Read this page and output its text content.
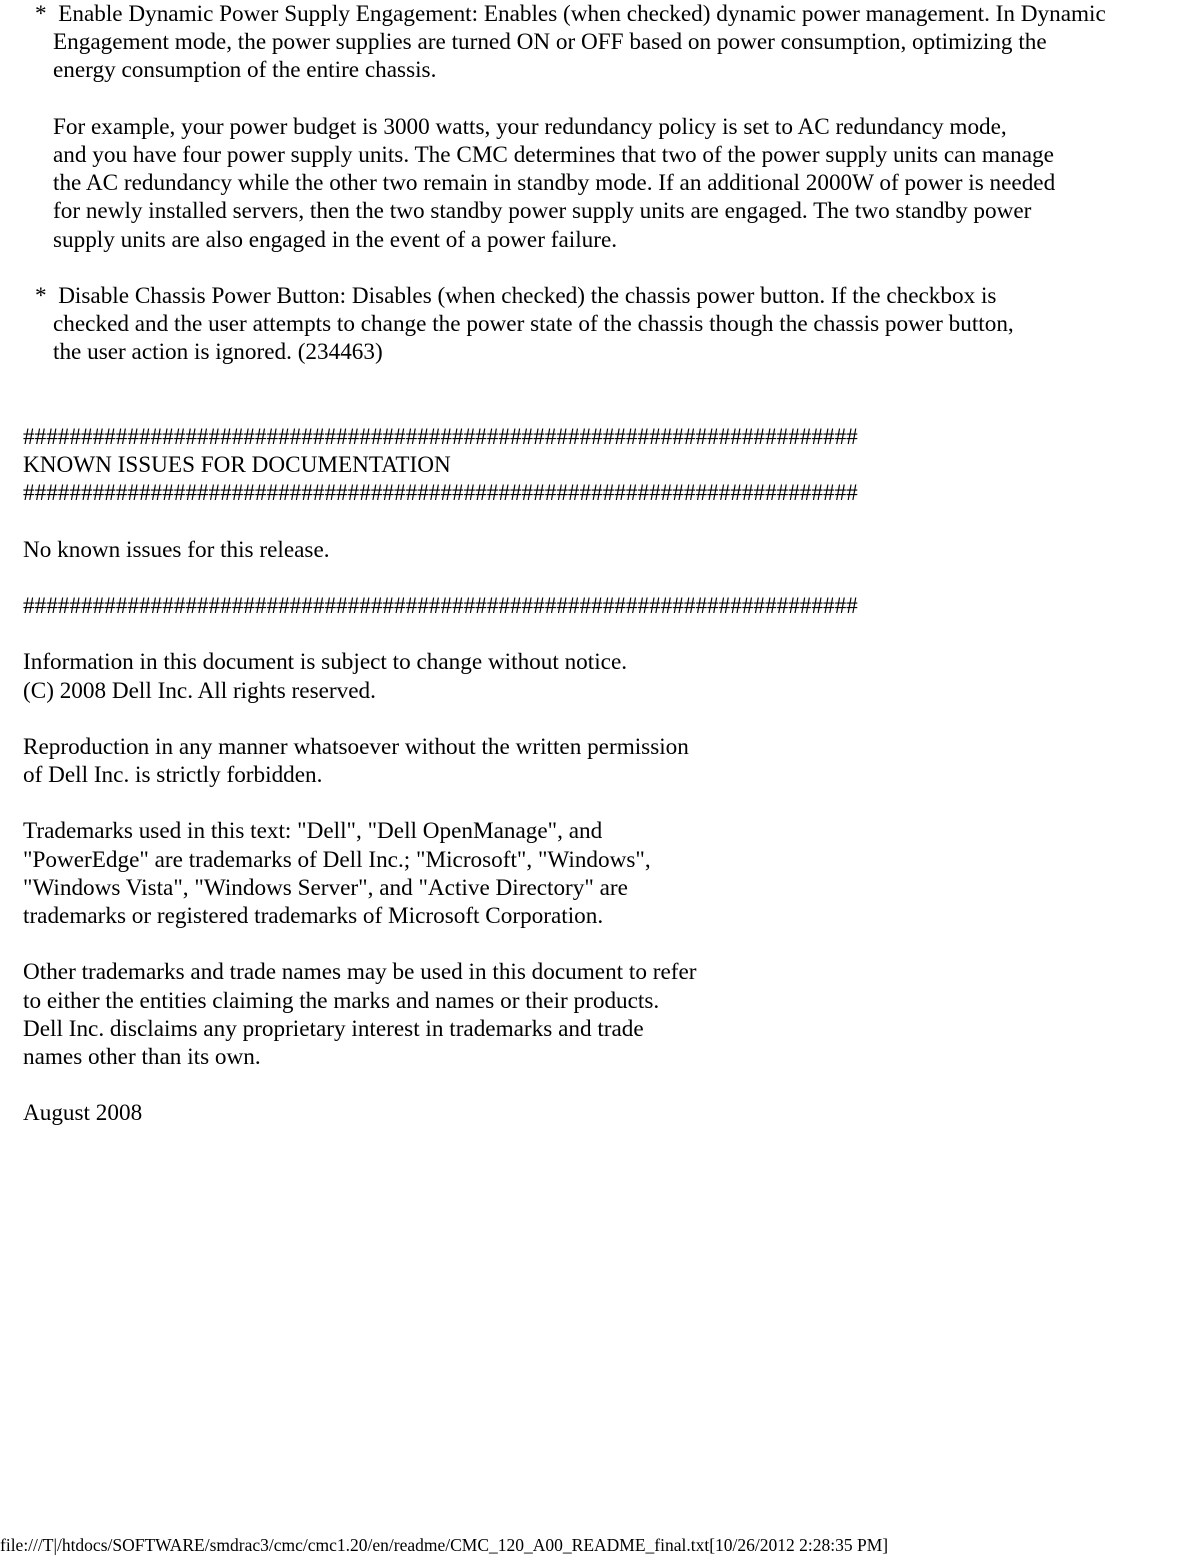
*  Enable Dynamic Power Supply Engagement: Enables (when checked) dynamic power management. In Dynamic
Engagement mode, the power supplies are turned ON or OFF based on power consumption, optimizing the
energy consumption of the entire chassis.
For example, your power budget is 3000 watts, your redundancy policy is set to AC redundancy mode,
and you have four power supply units. The CMC determines that two of the power supply units can manage
the AC redundancy while the other two remain in standby mode. If an additional 2000W of power is needed
for newly installed servers, then the two standby power supply units are engaged. The two standby power
supply units are also engaged in the event of a power failure.
*  Disable Chassis Power Button: Disables (when checked) the chassis power button. If the checkbox is
checked and the user attempts to change the power state of the chassis though the chassis power button,
the user action is ignored. (234463)
########################################################################
KNOWN ISSUES FOR DOCUMENTATION
########################################################################
No known issues for this release.
########################################################################
Information in this document is subject to change without notice.
(C) 2008 Dell Inc. All rights reserved.
Reproduction in any manner whatsoever without the written permission
of Dell Inc. is strictly forbidden.
Trademarks used in this text: "Dell", "Dell OpenManage", and
"PowerEdge" are trademarks of Dell Inc.; "Microsoft", "Windows",
"Windows Vista", "Windows Server", and "Active Directory" are
trademarks or registered trademarks of Microsoft Corporation.
Other trademarks and trade names may be used in this document to refer
to either the entities claiming the marks and names or their products.
Dell Inc. disclaims any proprietary interest in trademarks and trade
names other than its own.
August 2008
file:///T|/htdocs/SOFTWARE/smdrac3/cmc/cmc1.20/en/readme/CMC_120_A00_README_final.txt[10/26/2012 2:28:35 PM]
